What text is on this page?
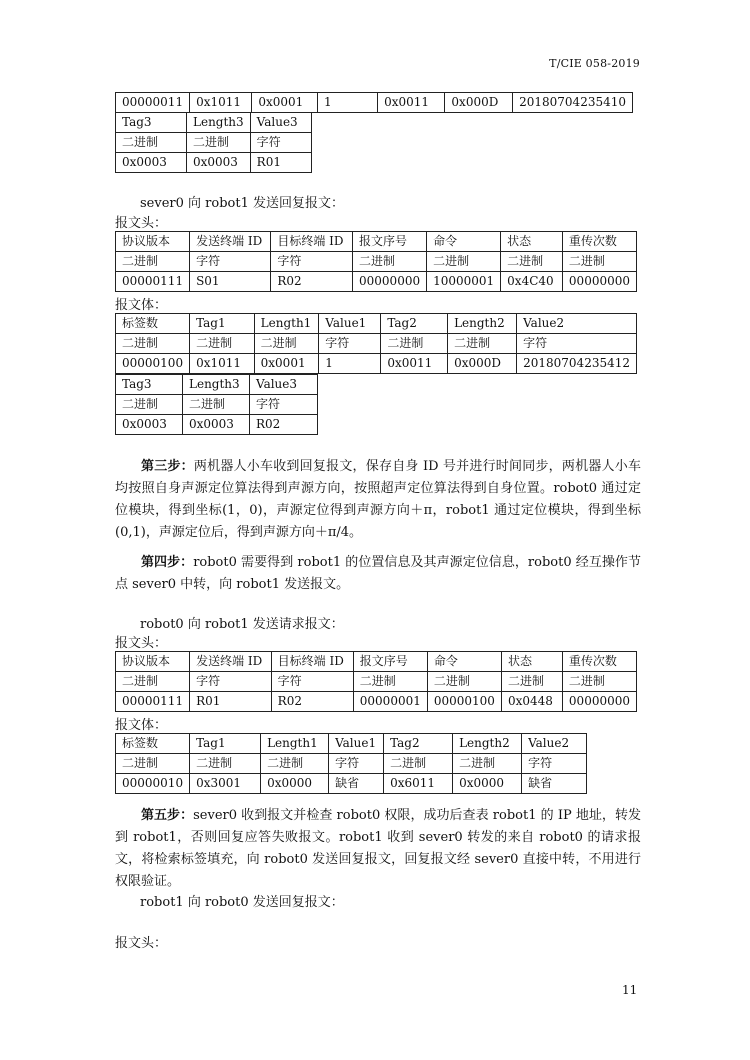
T/CIE 058-2019
00000011	0x1011	0x0001	1	0x0011	0x000D	20180704235410
Tag3	Length3	Value3
二进制	二进制	字符
0x0003	0x0003	R01
sever0 向 robot1 发送回复报文：
报文头：
协议版本	发送终端 ID	目标终端 ID	报文序号	命令	状态	重传次数
二进制	字符	字符	二进制	二进制	二进制	二进制
00000111	S01	R02	00000000	10000001	0x4C40	00000000
报文体：
标签数	Tag1	Length1	Value1	Tag2	Length2	Value2
二进制	二进制	二进制	字符	二进制	二进制	字符
00000100	0x1011	0x0001	1	0x0011	0x000D	20180704235412
Tag3	Length3	Value3
二进制	二进制	字符
0x0003	0x0003	R02
第三步：两机器人小车收到回复报文，保存自身 ID 号并进行时间同步，两机器人小车均按照自身声源定位算法得到声源方向，按照超声定位算法得到自身位置。robot0 通过定位模块，得到坐标(1，0)，声源定位得到声源方向＋π，robot1 通过定位模块，得到坐标(0,1)，声源定位后，得到声源方向＋π/4。
第四步：robot0 需要得到 robot1 的位置信息及其声源定位信息，robot0 经互操作节点 sever0 中转，向 robot1 发送报文。
robot0 向 robot1 发送请求报文：
报文头：
协议版本	发送终端 ID	目标终端 ID	报文序号	命令	状态	重传次数
二进制	字符	字符	二进制	二进制	二进制	二进制
00000111	R01	R02	00000001	00000100	0x0448	00000000
报文体：
标签数	Tag1	Length1	Value1	Tag2	Length2	Value2
二进制	二进制	二进制	字符	二进制	二进制	字符
00000010	0x3001	0x0000	缺省	0x6011	0x0000	缺省
第五步：sever0 收到报文并检查 robot0 权限，成功后查表 robot1 的 IP 地址，转发到 robot1，否则回复应答失败报文。robot1 收到 sever0 转发的来自 robot0 的请求报文，将检索标签填充，向 robot0 发送回复报文，回复报文经 sever0 直接中转，不用进行权限验证。
robot1 向 robot0 发送回复报文：
报文头：
11
